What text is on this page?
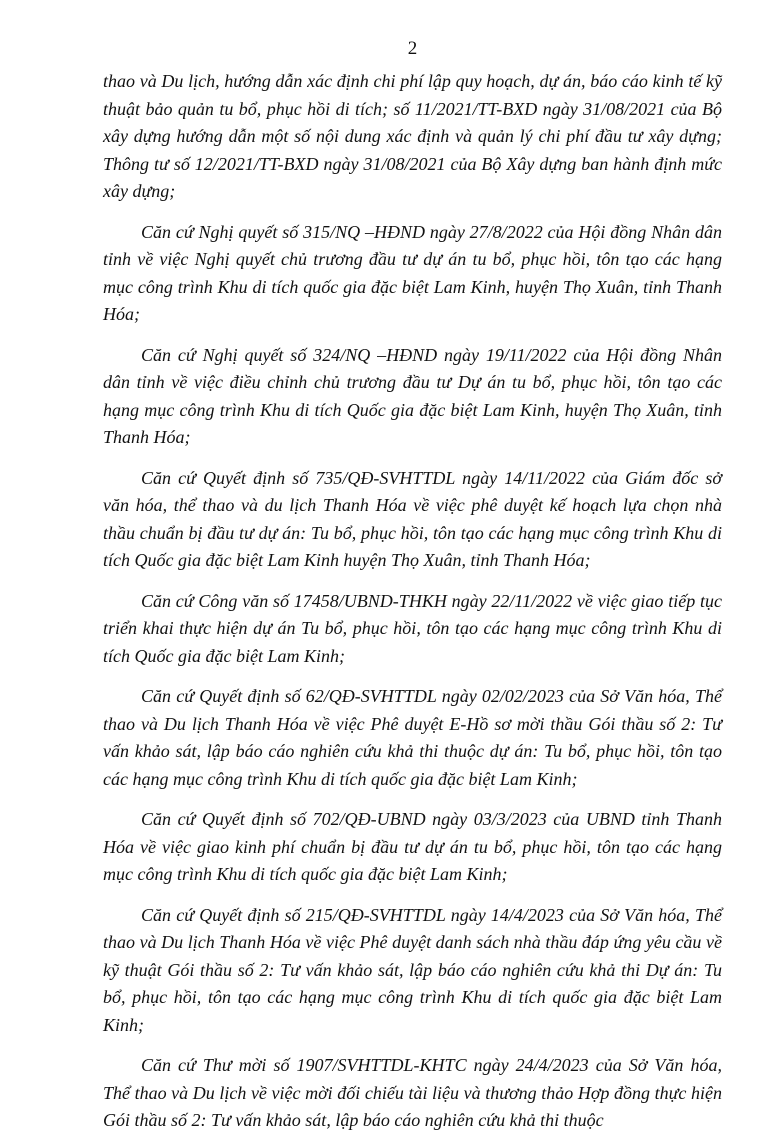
2

thao và Du lịch, hướng dẫn xác định chi phí lập quy hoạch, dự án, báo cáo kinh tế kỹ thuật bảo quản tu bổ, phục hồi di tích; số 11/2021/TT-BXD ngày 31/08/2021 của Bộ xây dựng hướng dẫn một số nội dung xác định và quản lý chi phí đầu tư xây dựng; Thông tư số 12/2021/TT-BXD ngày 31/08/2021 của Bộ Xây dựng ban hành định mức xây dựng;

Căn cứ Nghị quyết số 315/NQ –HĐND ngày 27/8/2022 của Hội đồng Nhân dân tỉnh về việc Nghị quyết chủ trương đầu tư dự án tu bổ, phục hồi, tôn tạo các hạng mục công trình Khu di tích quốc gia đặc biệt Lam Kinh, huyện Thọ Xuân, tỉnh Thanh Hóa;

Căn cứ Nghị quyết số 324/NQ –HĐND ngày 19/11/2022 của Hội đồng Nhân dân tỉnh về việc điều chỉnh chủ trương đầu tư Dự án tu bổ, phục hồi, tôn tạo các hạng mục công trình Khu di tích Quốc gia đặc biệt Lam Kinh, huyện Thọ Xuân, tỉnh Thanh Hóa;

Căn cứ Quyết định số 735/QĐ-SVHTTDL ngày 14/11/2022 của Giám đốc sở văn hóa, thể thao và du lịch Thanh Hóa về việc phê duyệt kế hoạch lựa chọn nhà thầu chuẩn bị đầu tư dự án: Tu bổ, phục hồi, tôn tạo các hạng mục công trình Khu di tích Quốc gia đặc biệt Lam Kinh huyện Thọ Xuân, tỉnh Thanh Hóa;

Căn cứ Công văn số 17458/UBND-THKH ngày 22/11/2022 về việc giao tiếp tục triển khai thực hiện dự án Tu bổ, phục hồi, tôn tạo các hạng mục công trình Khu di tích Quốc gia đặc biệt Lam Kinh;

Căn cứ Quyết định số 62/QĐ-SVHTTDL ngày 02/02/2023 của Sở Văn hóa, Thể thao và Du lịch Thanh Hóa về việc Phê duyệt E-Hồ sơ mời thầu Gói thầu số 2: Tư vấn khảo sát, lập báo cáo nghiên cứu khả thi thuộc dự án: Tu bổ, phục hồi, tôn tạo các hạng mục công trình Khu di tích quốc gia đặc biệt Lam Kinh;

Căn cứ Quyết định số 702/QĐ-UBND ngày 03/3/2023 của UBND tỉnh Thanh Hóa về việc giao kinh phí chuẩn bị đầu tư dự án tu bổ, phục hồi, tôn tạo các hạng mục công trình Khu di tích quốc gia đặc biệt Lam Kinh;

Căn cứ Quyết định số 215/QĐ-SVHTTDL ngày 14/4/2023 của Sở Văn hóa, Thể thao và Du lịch Thanh Hóa về việc Phê duyệt danh sách nhà thầu đáp ứng yêu cầu về kỹ thuật Gói thầu số 2: Tư vấn khảo sát, lập báo cáo nghiên cứu khả thi Dự án: Tu bổ, phục hồi, tôn tạo các hạng mục công trình Khu di tích quốc gia đặc biệt Lam Kinh;

Căn cứ Thư mời số 1907/SVHTTDL-KHTC ngày 24/4/2023 của Sở Văn hóa, Thể thao và Du lịch về việc mời đối chiếu tài liệu và thương thảo Hợp đồng thực hiện Gói thầu số 2: Tư vấn khảo sát, lập báo cáo nghiên cứu khả thi thuộc
